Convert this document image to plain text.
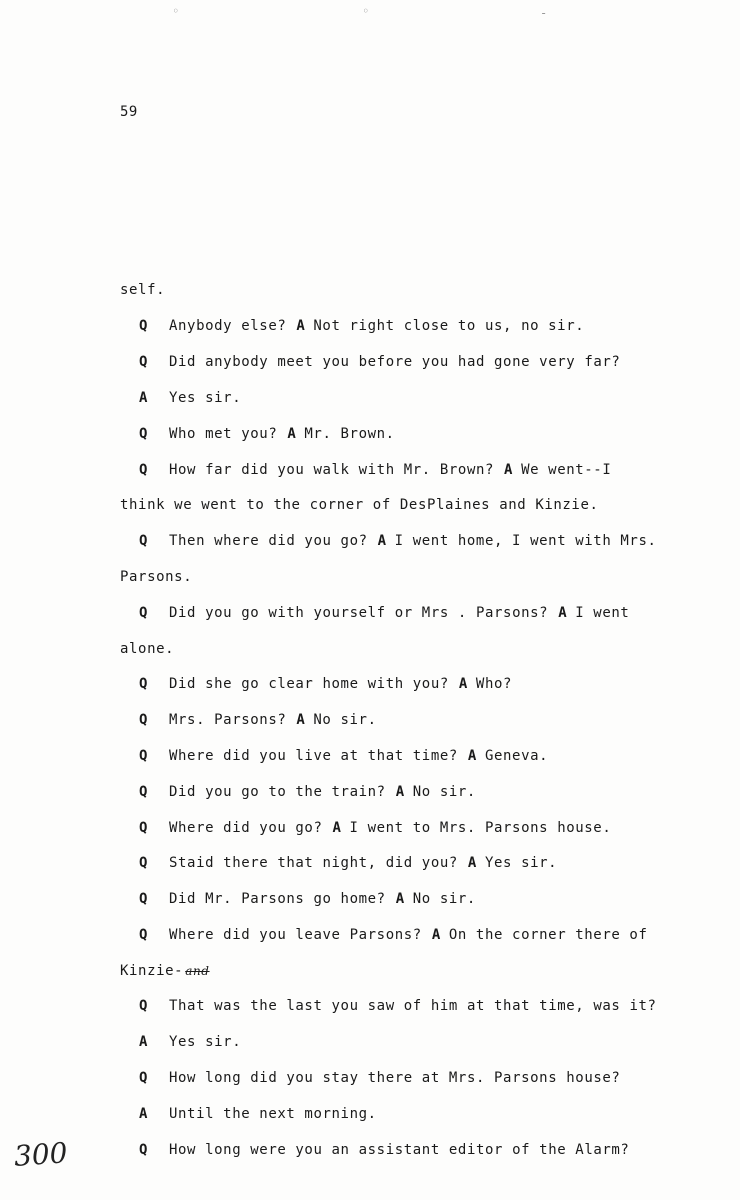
◦	◦	-
59
self.
Q Anybody else? A Not right close to us, no sir.
Q Did anybody meet you before you had gone very far?
A Yes sir.
Q Who met you? A Mr. Brown.
Q How far did you walk with Mr. Brown? A We went--I
think we went to the corner of DesPlaines and Kinzie.
Q Then where did you go? A I went home, I went with Mrs.
Parsons.
Q Did you go with yourself or Mrs . Parsons? A I went
alone.
Q Did she go clear home with you? A Who?
Q Mrs. Parsons? A No sir.
Q Where did you live at that time? A Geneva.
Q Did you go to the train? A No sir.
Q Where did you go? A I went to Mrs. Parsons house.
Q Staid there that night, did you? A Yes sir.
Q Did Mr. Parsons go home? A No sir.
Q Where did you leave Parsons? A On the corner there of
Kinzie- and
Q That was the last you saw of him at that time, was it?
A Yes sir.
Q How long did you stay there at Mrs. Parsons house?
A Until the next morning.
Q How long were you an assistant editor of the Alarm?
300
